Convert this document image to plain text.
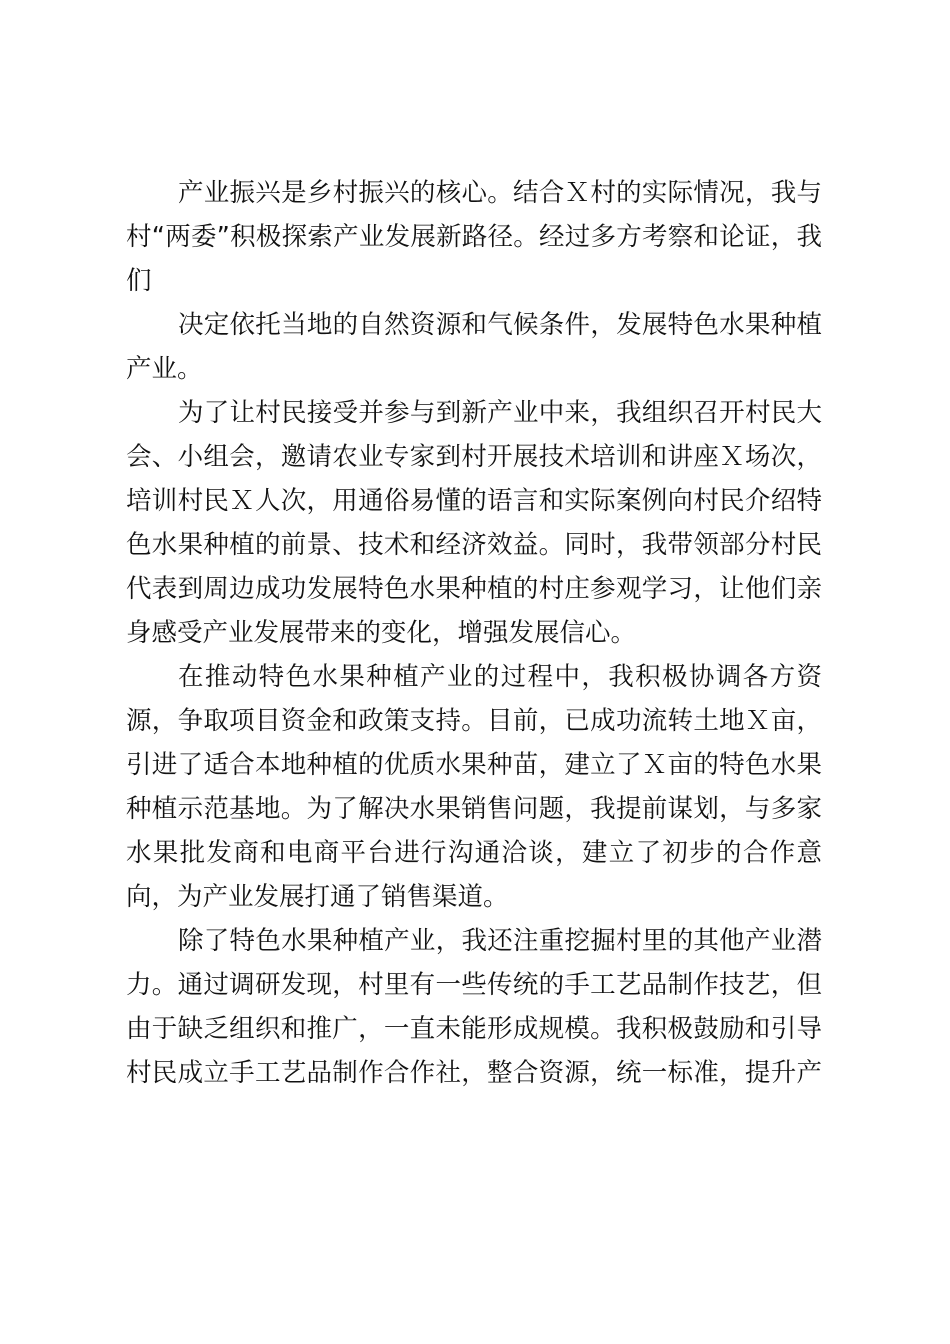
产业振兴是乡村振兴的核心。结合Ｘ村的实际情况，我与
村“两委”积极探索产业发展新路径。经过多方考察和论证，我
们
决定依托当地的自然资源和气候条件，发展特色水果种植
产业。
为了让村民接受并参与到新产业中来，我组织召开村民大
会、小组会，邀请农业专家到村开展技术培训和讲座Ｘ场次，
培训村民Ｘ人次，用通俗易懂的语言和实际案例向村民介绍特
色水果种植的前景、技术和经济效益。同时，我带领部分村民
代表到周边成功发展特色水果种植的村庄参观学习，让他们亲
身感受产业发展带来的变化，增强发展信心。
在推动特色水果种植产业的过程中，我积极协调各方资
源，争取项目资金和政策支持。目前，已成功流转土地Ｘ亩，
引进了适合本地种植的优质水果种苗，建立了Ｘ亩的特色水果
种植示范基地。为了解决水果销售问题，我提前谋划，与多家
水果批发商和电商平台进行沟通洽谈，建立了初步的合作意
向，为产业发展打通了销售渠道。
除了特色水果种植产业，我还注重挖掘村里的其他产业潜
力。通过调研发现，村里有一些传统的手工艺品制作技艺，但
由于缺乏组织和推广，一直未能形成规模。我积极鼓励和引导
村民成立手工艺品制作合作社，整合资源，统一标准，提升产
